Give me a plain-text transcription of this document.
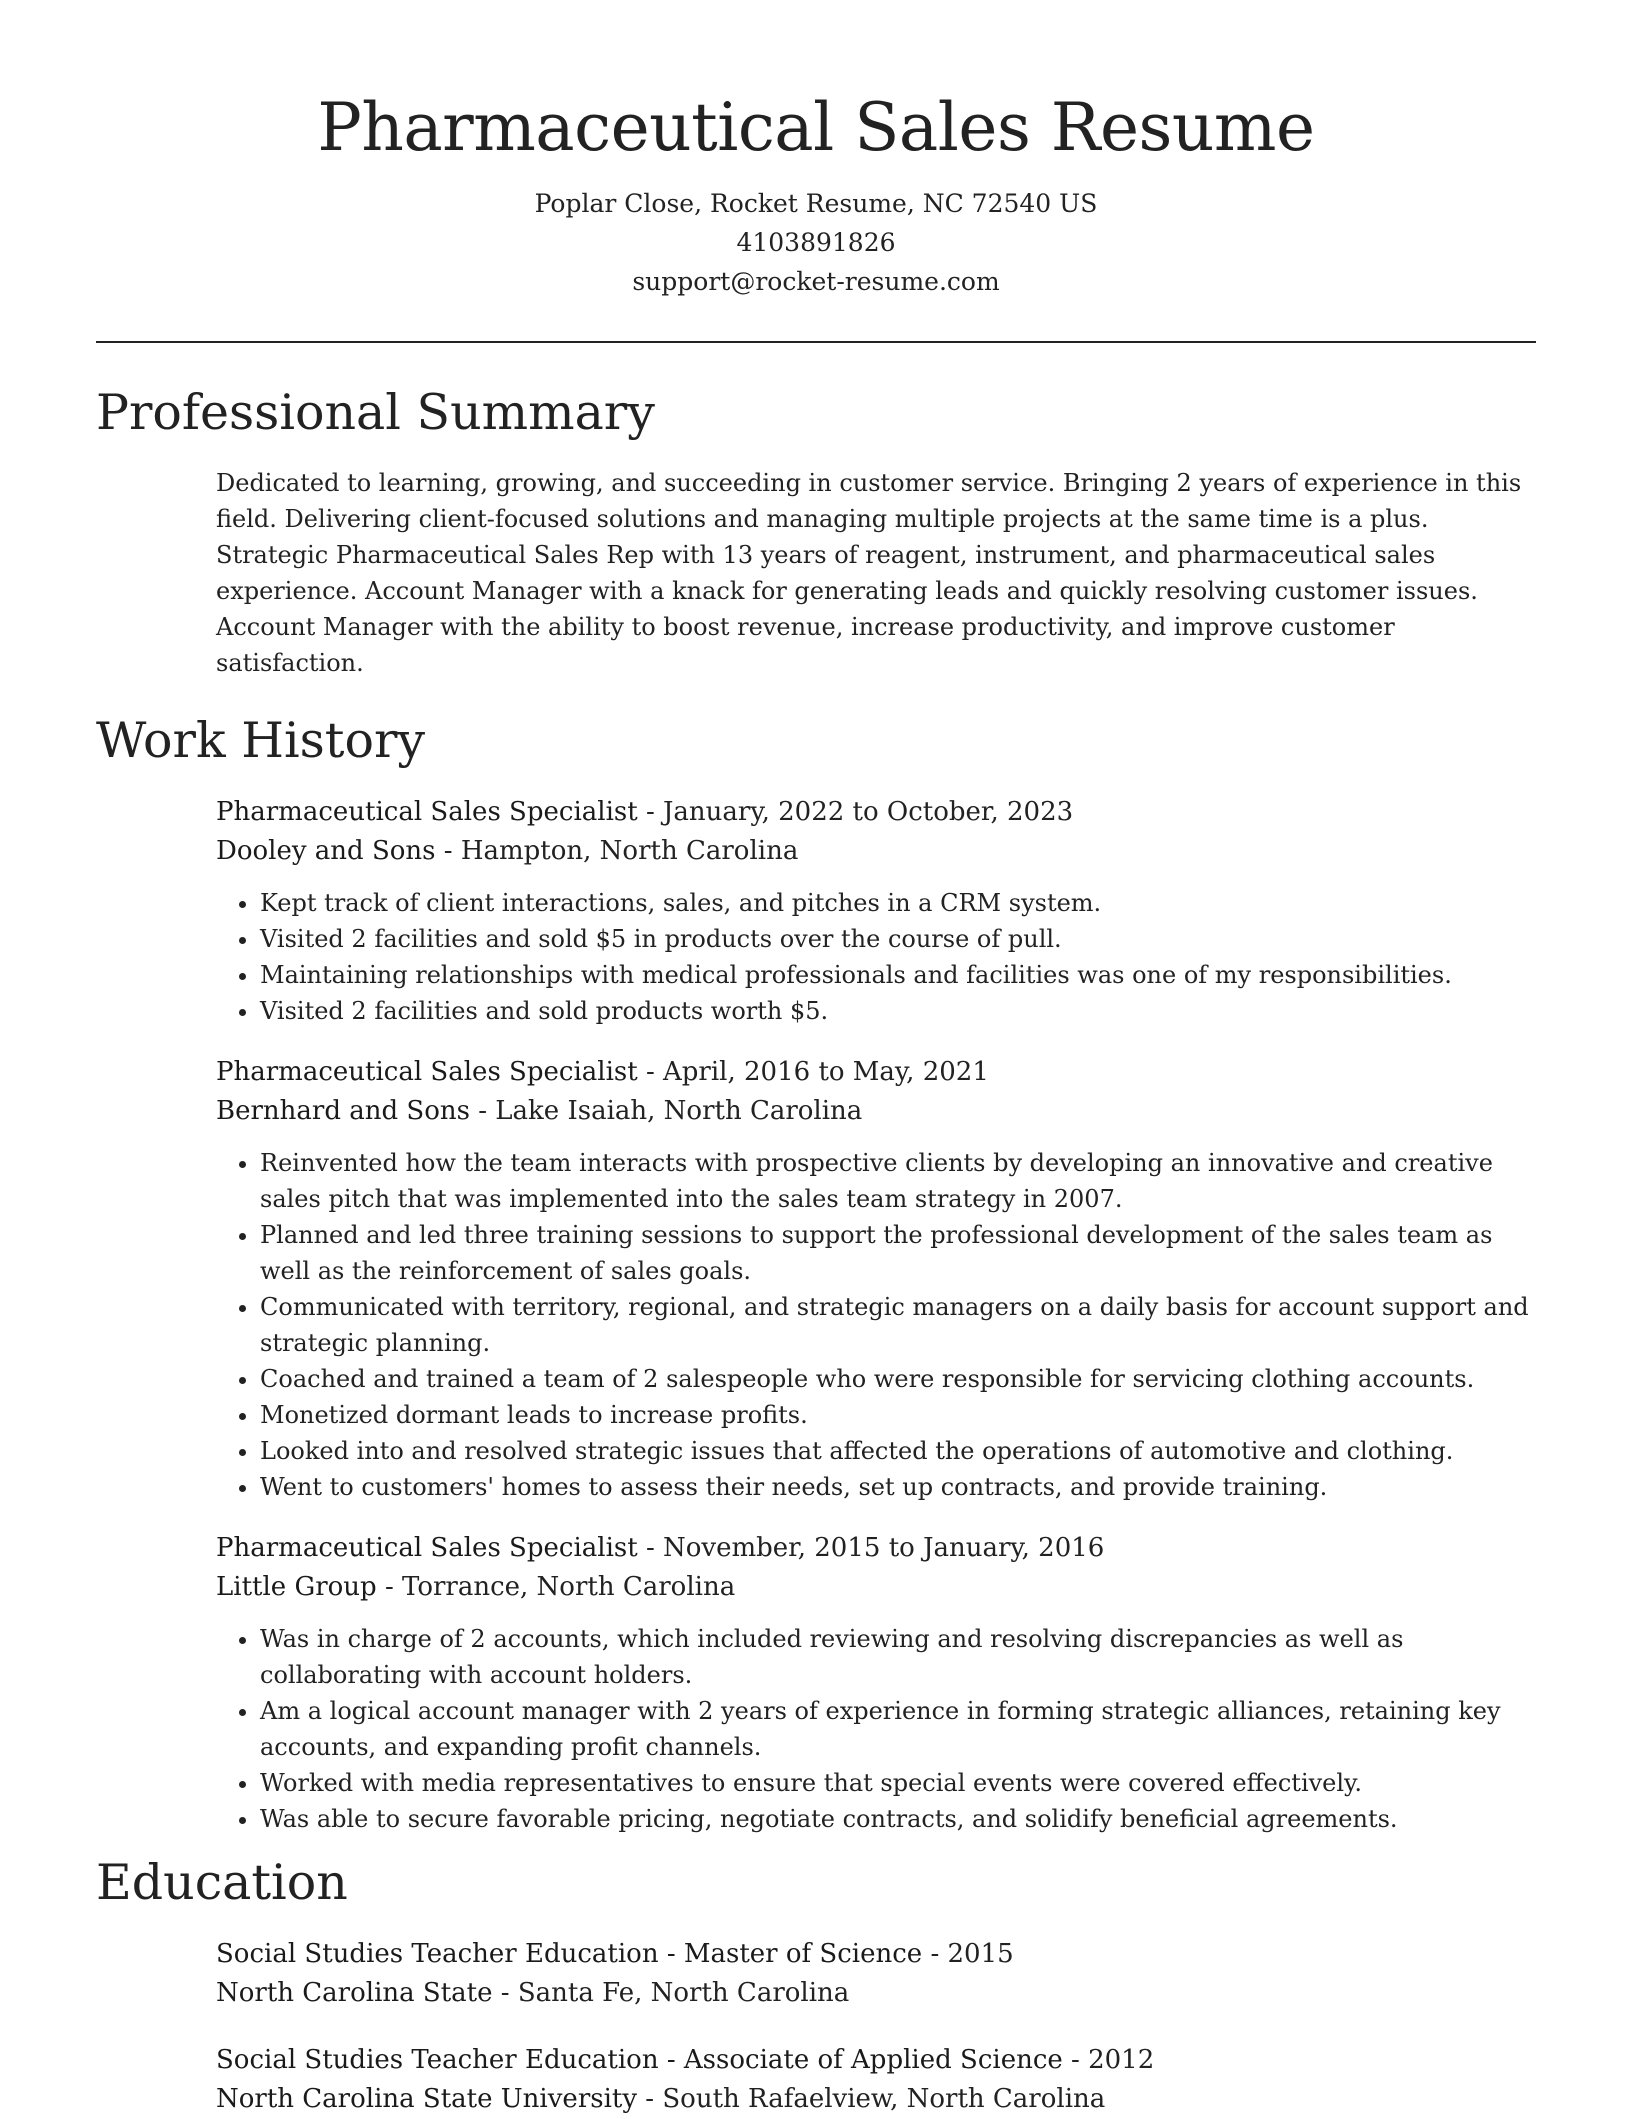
Pharmaceutical Sales Resume

Poplar Close, Rocket Resume, NC 72540 US

4103891826

support@rocket-resume.com

Professional Summary

Dedicated to learning, growing, and succeeding in customer service. Bringing 2 years of experience in this field. Delivering client-focused solutions and managing multiple projects at the same time is a plus. Strategic Pharmaceutical Sales Rep with 13 years of reagent, instrument, and pharmaceutical sales experience. Account Manager with a knack for generating leads and quickly resolving customer issues. Account Manager with the ability to boost revenue, increase productivity, and improve customer satisfaction.

Work History

Pharmaceutical Sales Specialist - January, 2022 to October, 2023

Dooley and Sons - Hampton, North Carolina

• Kept track of client interactions, sales, and pitches in a CRM system.
• Visited 2 facilities and sold $5 in products over the course of pull.
• Maintaining relationships with medical professionals and facilities was one of my responsibilities.
• Visited 2 facilities and sold products worth $5.

Pharmaceutical Sales Specialist - April, 2016 to May, 2021

Bernhard and Sons - Lake Isaiah, North Carolina

• Reinvented how the team interacts with prospective clients by developing an innovative and creative sales pitch that was implemented into the sales team strategy in 2007.
• Planned and led three training sessions to support the professional development of the sales team as well as the reinforcement of sales goals.
• Communicated with territory, regional, and strategic managers on a daily basis for account support and strategic planning.
• Coached and trained a team of 2 salespeople who were responsible for servicing clothing accounts.
• Monetized dormant leads to increase profits.
• Looked into and resolved strategic issues that affected the operations of automotive and clothing.
• Went to customers' homes to assess their needs, set up contracts, and provide training.

Pharmaceutical Sales Specialist - November, 2015 to January, 2016

Little Group - Torrance, North Carolina

• Was in charge of 2 accounts, which included reviewing and resolving discrepancies as well as collaborating with account holders.
• Am a logical account manager with 2 years of experience in forming strategic alliances, retaining key accounts, and expanding profit channels.
• Worked with media representatives to ensure that special events were covered effectively.
• Was able to secure favorable pricing, negotiate contracts, and solidify beneficial agreements.
Education

Social Studies Teacher Education - Master of Science - 2015

North Carolina State - Santa Fe, North Carolina

Social Studies Teacher Education - Associate of Applied Science - 2012

North Carolina State University - South Rafaelview, North Carolina
